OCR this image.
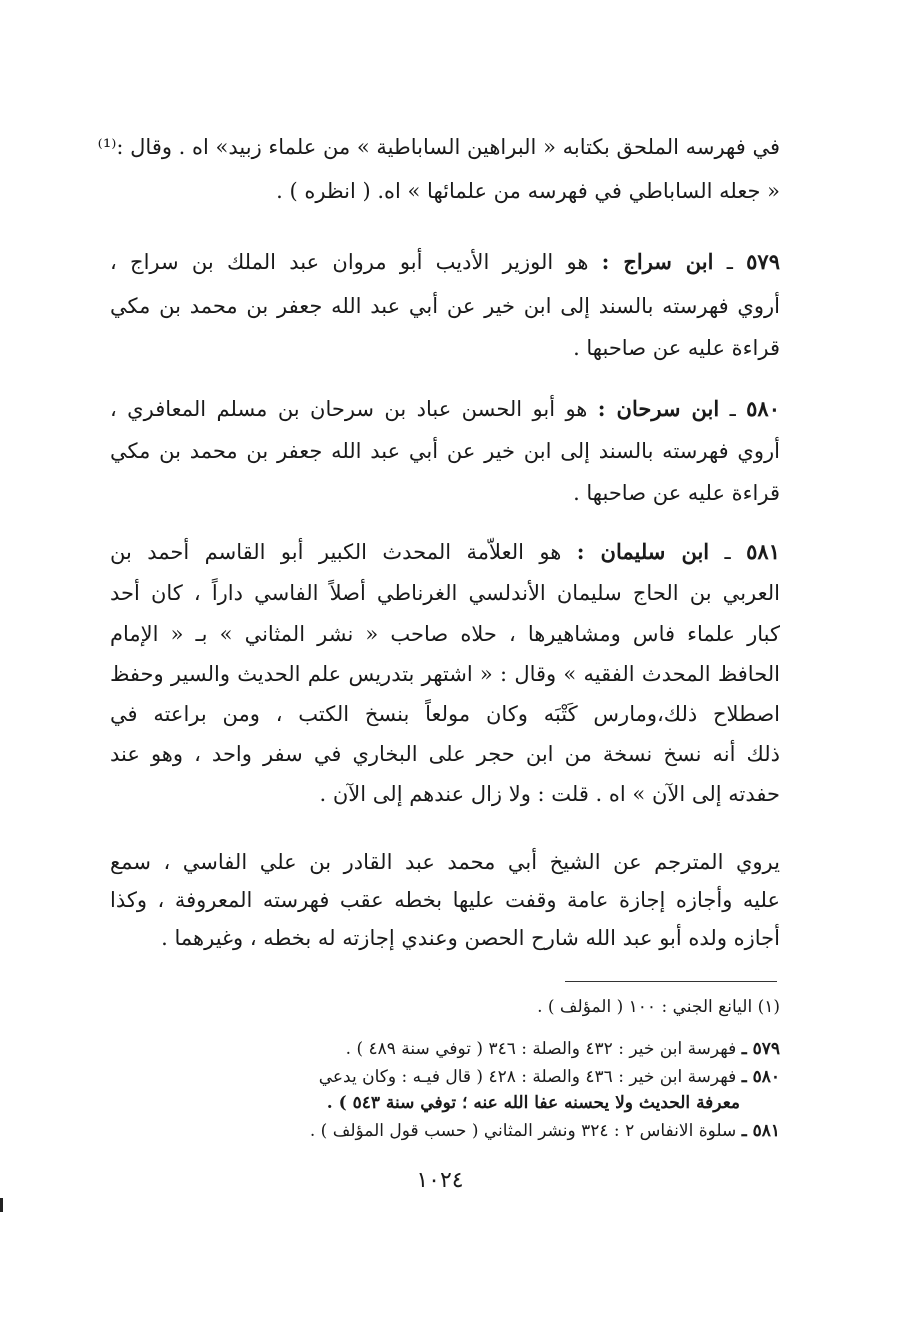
في فهرسه الملحق بكتابه « البراهين الساباطية » من علماء زبيد» اه . وقال :⁽¹⁾
« جعله الساباطي في فهرسه من علمائها » اه. ( انظره ) .
٥٧٩ ـ ابن سراج : هو الوزير الأديب أبو مروان عبد الملك بن سراج ،
أروي فهرسته بالسند إلى ابن خير عن أبي عبد الله جعفر بن محمد بن مكي
قراءة عليه عن صاحبها .
٥٨٠ ـ ابن سرحان : هو أبو الحسن عباد بن سرحان بن مسلم المعافري ،
أروي فهرسته بالسند إلى ابن خير عن أبي عبد الله جعفر بن محمد بن مكي
قراءة عليه عن صاحبها .
٥٨١ ـ ابن سليمان : هو العلاّمة المحدث الكبير أبو القاسم أحمد بن
العربي بن الحاج سليمان الأندلسي الغرناطي أصلاً الفاسي داراً ، كان أحد
كبار علماء فاس ومشاهيرها ، حلاه صاحب « نشر المثاني » بـ « الإمام
الحافظ المحدث الفقيه » وقال : « اشتهر بتدريس علم الحديث والسير وحفظ
اصطلاح ذلك،ومارس كَتْبَه وكان مولعاً بنسخ الكتب ، ومن براعته في
ذلك أنه نسخ نسخة من ابن حجر على البخاري في سفر واحد ، وهو عند
حفدته إلى الآن » اه . قلت : ولا زال عندهم إلى الآن .
يروي المترجم عن الشيخ أبي محمد عبد القادر بن علي الفاسي ، سمع
عليه وأجازه إجازة عامة وقفت عليها بخطه عقب فهرسته المعروفة ، وكذا
أجازه ولده أبو عبد الله شارح الحصن وعندي إجازته له بخطه ، وغيرهما .
(١) اليانع الجني : ١٠٠ ( المؤلف ) .
٥٧٩ ـ فهرسة ابن خير : ٤٣٢ والصلة : ٣٤٦ ( توفي سنة ٤٨٩ ) .
٥٨٠ ـ فهرسة ابن خير : ٤٣٦ والصلة : ٤٢٨ ( قال فيـه : وكان يدعي
معرفة الحديث ولا يحسنه عفا الله عنه ؛ توفي سنة ٥٤٣ ) .
٥٨١ ـ سلوة الانفاس ٢ : ٣٢٤ ونشر المثاني ( حسب قول المؤلف ) .
١٠٢٤
